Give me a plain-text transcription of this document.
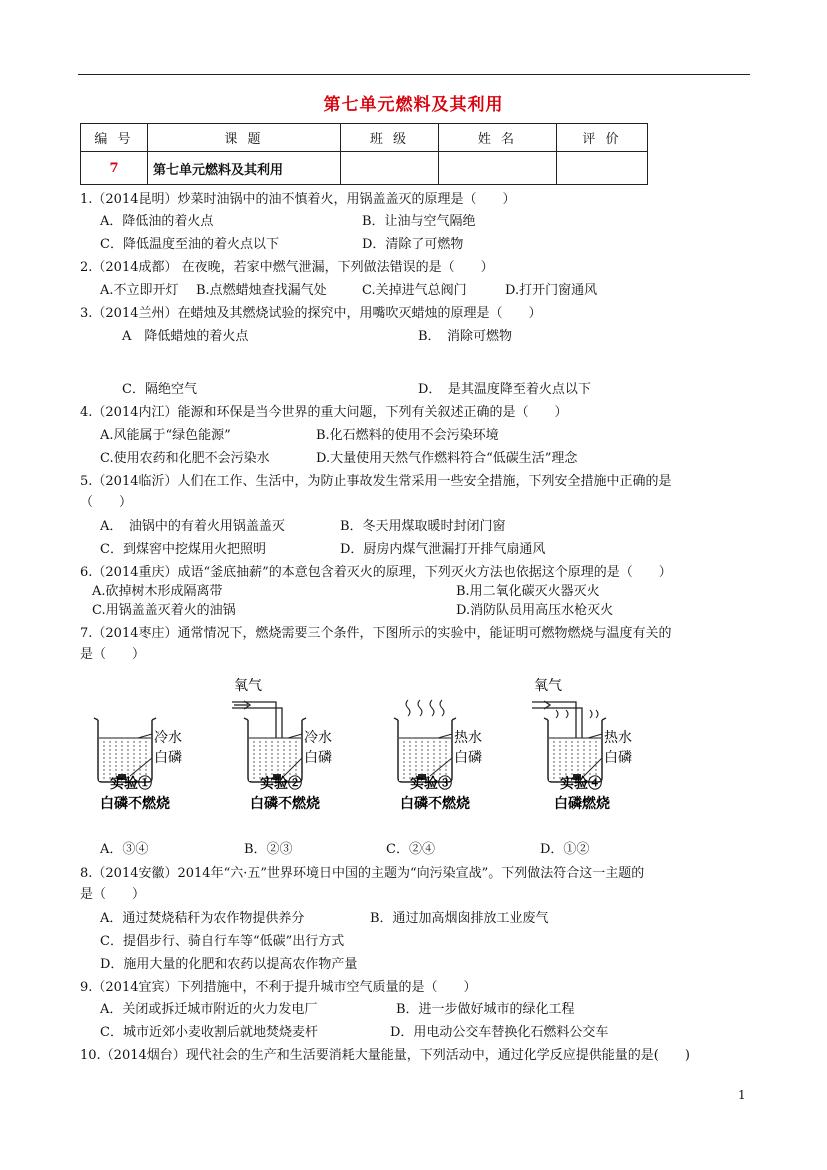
第七单元燃料及其利用
编 号	课 题	班 级	姓 名	评 价
7	第七单元燃料及其利用			
1.（2014昆明）炒菜时油锅中的油不慎着火，用锅盖盖灭的原理是（　　）
A．降低油的着火点	B．让油与空气隔绝
C．降低温度至油的着火点以下	D．清除了可燃物
2.（2014成都） 在夜晚，若家中燃气泄漏，下列做法错误的是（　　）
A.不立即开灯 B.点燃蜡烛查找漏气处	C.关掉进气总阀门	D.打开门窗通风
3.（2014兰州）在蜡烛及其燃烧试验的探究中，用嘴吹灭蜡烛的原理是（　　）
A　降低蜡烛的着火点	B．　消除可燃物
C．隔绝空气	D．　是其温度降至着火点以下
4.（2014内江）能源和环保是当今世界的重大问题，下列有关叙述正确的是（　　）
A.风能属于“绿色能源”	B.化石燃料的使用不会污染环境
C.使用农药和化肥不会污染水	D.大量使用天然气作燃料符合“低碳生活”理念
5.（2014临沂）人们在工作、生活中，为防止事故发生常采用一些安全措施，下列安全措施中正确的是
（　　）
A．　油锅中的有着火用锅盖盖灭	B．冬天用煤取暖时封闭门窗
C．到煤窖中挖煤用火把照明	D．厨房内煤气泄漏打开排气扇通风
6.（2014重庆）成语“釜底抽薪”的本意包含着灭火的原理，下列灭火方法也依据这个原理的是（　　）
A.砍掉树木形成隔离带	B.用二氧化碳灭火器灭火
C.用锅盖盖灭着火的油锅	D.消防队员用高压水枪灭火
7.（2014枣庄）通常情况下，燃烧需要三个条件，下图所示的实验中，能证明可燃物燃烧与温度有关的
是（　　）
冷水
白磷
实验①
白磷不燃烧
氧气
冷水
白磷
实验②
白磷不燃烧
热水
白磷
实验③
白磷不燃烧
氧气
热水
白磷
实验④
白磷燃烧
A．③④	B．②③	C．②④	D．①②
8.（2014安徽）2014年“六·五”世界环境日中国的主题为“向污染宣战”。下列做法符合这一主题的
是（　　）
A．通过焚烧秸秆为农作物提供养分	B．通过加高烟囱排放工业废气
C．提倡步行、骑自行车等“低碳”出行方式
D．施用大量的化肥和农药以提高农作物产量
9.（2014宜宾）下列措施中，不利于提升城市空气质量的是（　　）
A．关闭或拆迁城市附近的火力发电厂	B．进一步做好城市的绿化工程
C．城市近郊小麦收割后就地焚烧麦杆	D．用电动公交车替换化石燃料公交车
10.（2014烟台）现代社会的生产和生活要消耗大量能量，下列活动中，通过化学反应提供能量的是(　　)
1
